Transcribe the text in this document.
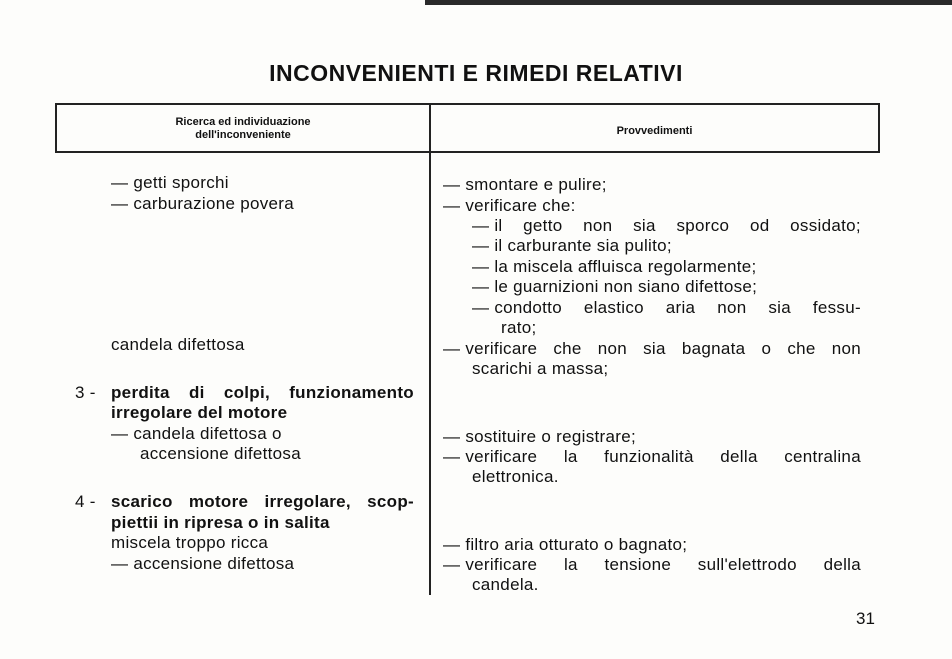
INCONVENIENTI E RIMEDI RELATIVI
Ricerca ed individuazione
dell'inconveniente	Provvedimenti
— getti sporchi
— carburazione povera
candela difettosa
3 - perdita di colpi, funzionamento
irregolare del motore
— candela difettosa o
accensione difettosa
4 - scarico motore irregolare, scop-
piettii in ripresa o in salita
miscela troppo ricca
— accensione difettosa
— smontare e pulire;
— verificare che:
— il getto non sia sporco od ossidato;
— il carburante sia pulito;
— la miscela affluisca regolarmente;
— le guarnizioni non siano difettose;
— condotto elastico aria non sia fessu-
rato;
— verificare che non sia bagnata o che non
scarichi a massa;
— sostituire o registrare;
— verificare la funzionalità della centralina
elettronica.
— filtro aria otturato o bagnato;
— verificare la tensione sull'elettrodo della
candela.
31
